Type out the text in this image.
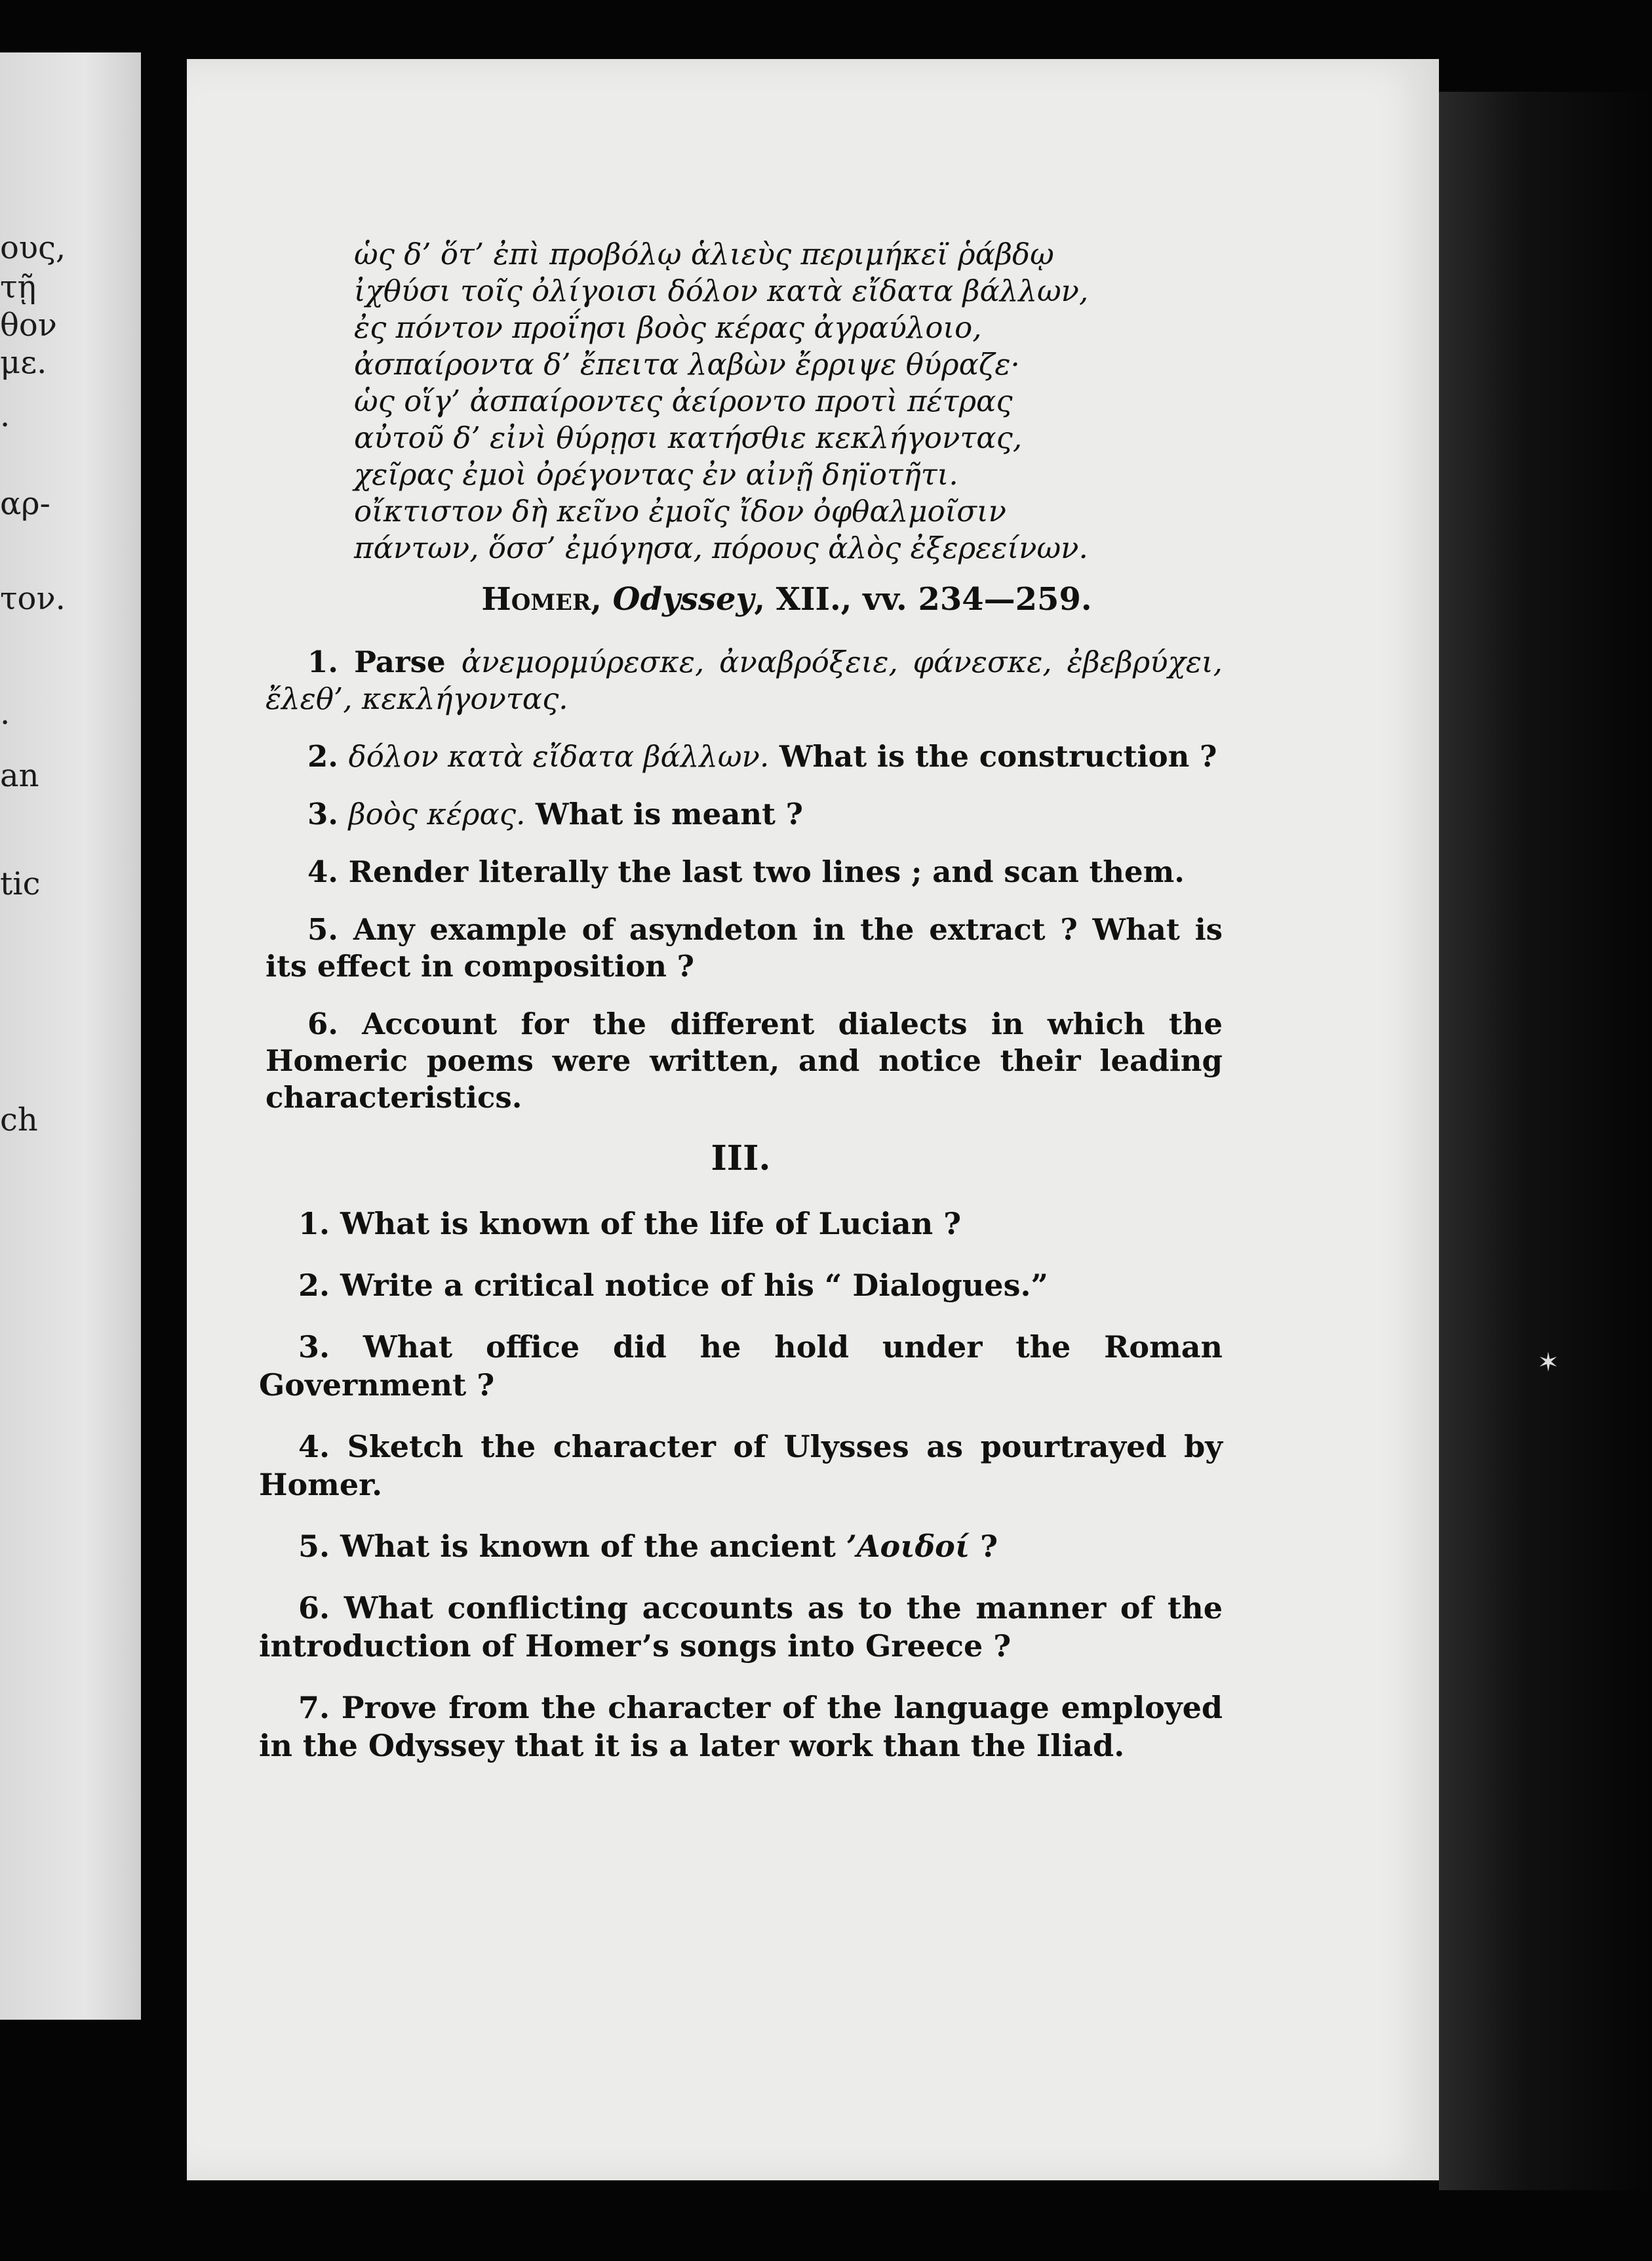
ους,
τῇ
θον
με.
·
αρ-
τον.
.
an
tic
ch
ὡς δ’ ὅτ’ ἐπὶ προβόλῳ ἁλιεὺς περιμήκεϊ ῥάβδῳ
ἰχθύσι τοῖς ὀλίγοισι δόλον κατὰ εἴδατα βάλλων,
ἐς πόντον προΐησι βοὸς κέρας ἀγραύλοιο,
ἀσπαίροντα δ’ ἔπειτα λαβὼν ἔρριψε θύραζε·
ὡς οἵγ’ ἀσπαίροντες ἀείροντο προτὶ πέτρας
αὐτοῦ δ’ εἰνὶ θύρῃσι κατήσθιε κεκλήγοντας,
χεῖρας ἐμοὶ ὀρέγοντας ἐν αἰνῇ δηϊοτῆτι.
οἴκτιστον δὴ κεῖνο ἐμοῖς ἴδον ὀφθαλμοῖσιν
πάντων, ὅσσ’ ἐμόγησα, πόρους ἁλὸς ἐξερεείνων.
Homer, Odyssey, XII., vv. 234—259.

1. Parse ἀνεμορμύρεσκε, ἀναβρόξειε, φάνεσκε, ἐβεβρύχει, ἔλεθ’, κεκλήγοντας.

2. δόλον κατὰ εἴδατα βάλλων. What is the construction ?

3. βοὸς κέρας. What is meant ?

4. Render literally the last two lines ; and scan them.

5. Any example of asyndeton in the extract ? What is its effect in composition ?

6. Account for the different dialects in which the Homeric poems were written, and notice their leading characteristics.

III.

1. What is known of the life of Lucian ?

2. Write a critical notice of his “ Dialogues.”

3. What office did he hold under the Roman Government ?

4. Sketch the character of Ulysses as pourtrayed by Homer.

5. What is known of the ancient ’Αοιδοί ?

6. What conflicting accounts as to the manner of the introduction of Homer’s songs into Greece ?

7. Prove from the character of the language employed in the Odyssey that it is a later work than the Iliad.

✶
